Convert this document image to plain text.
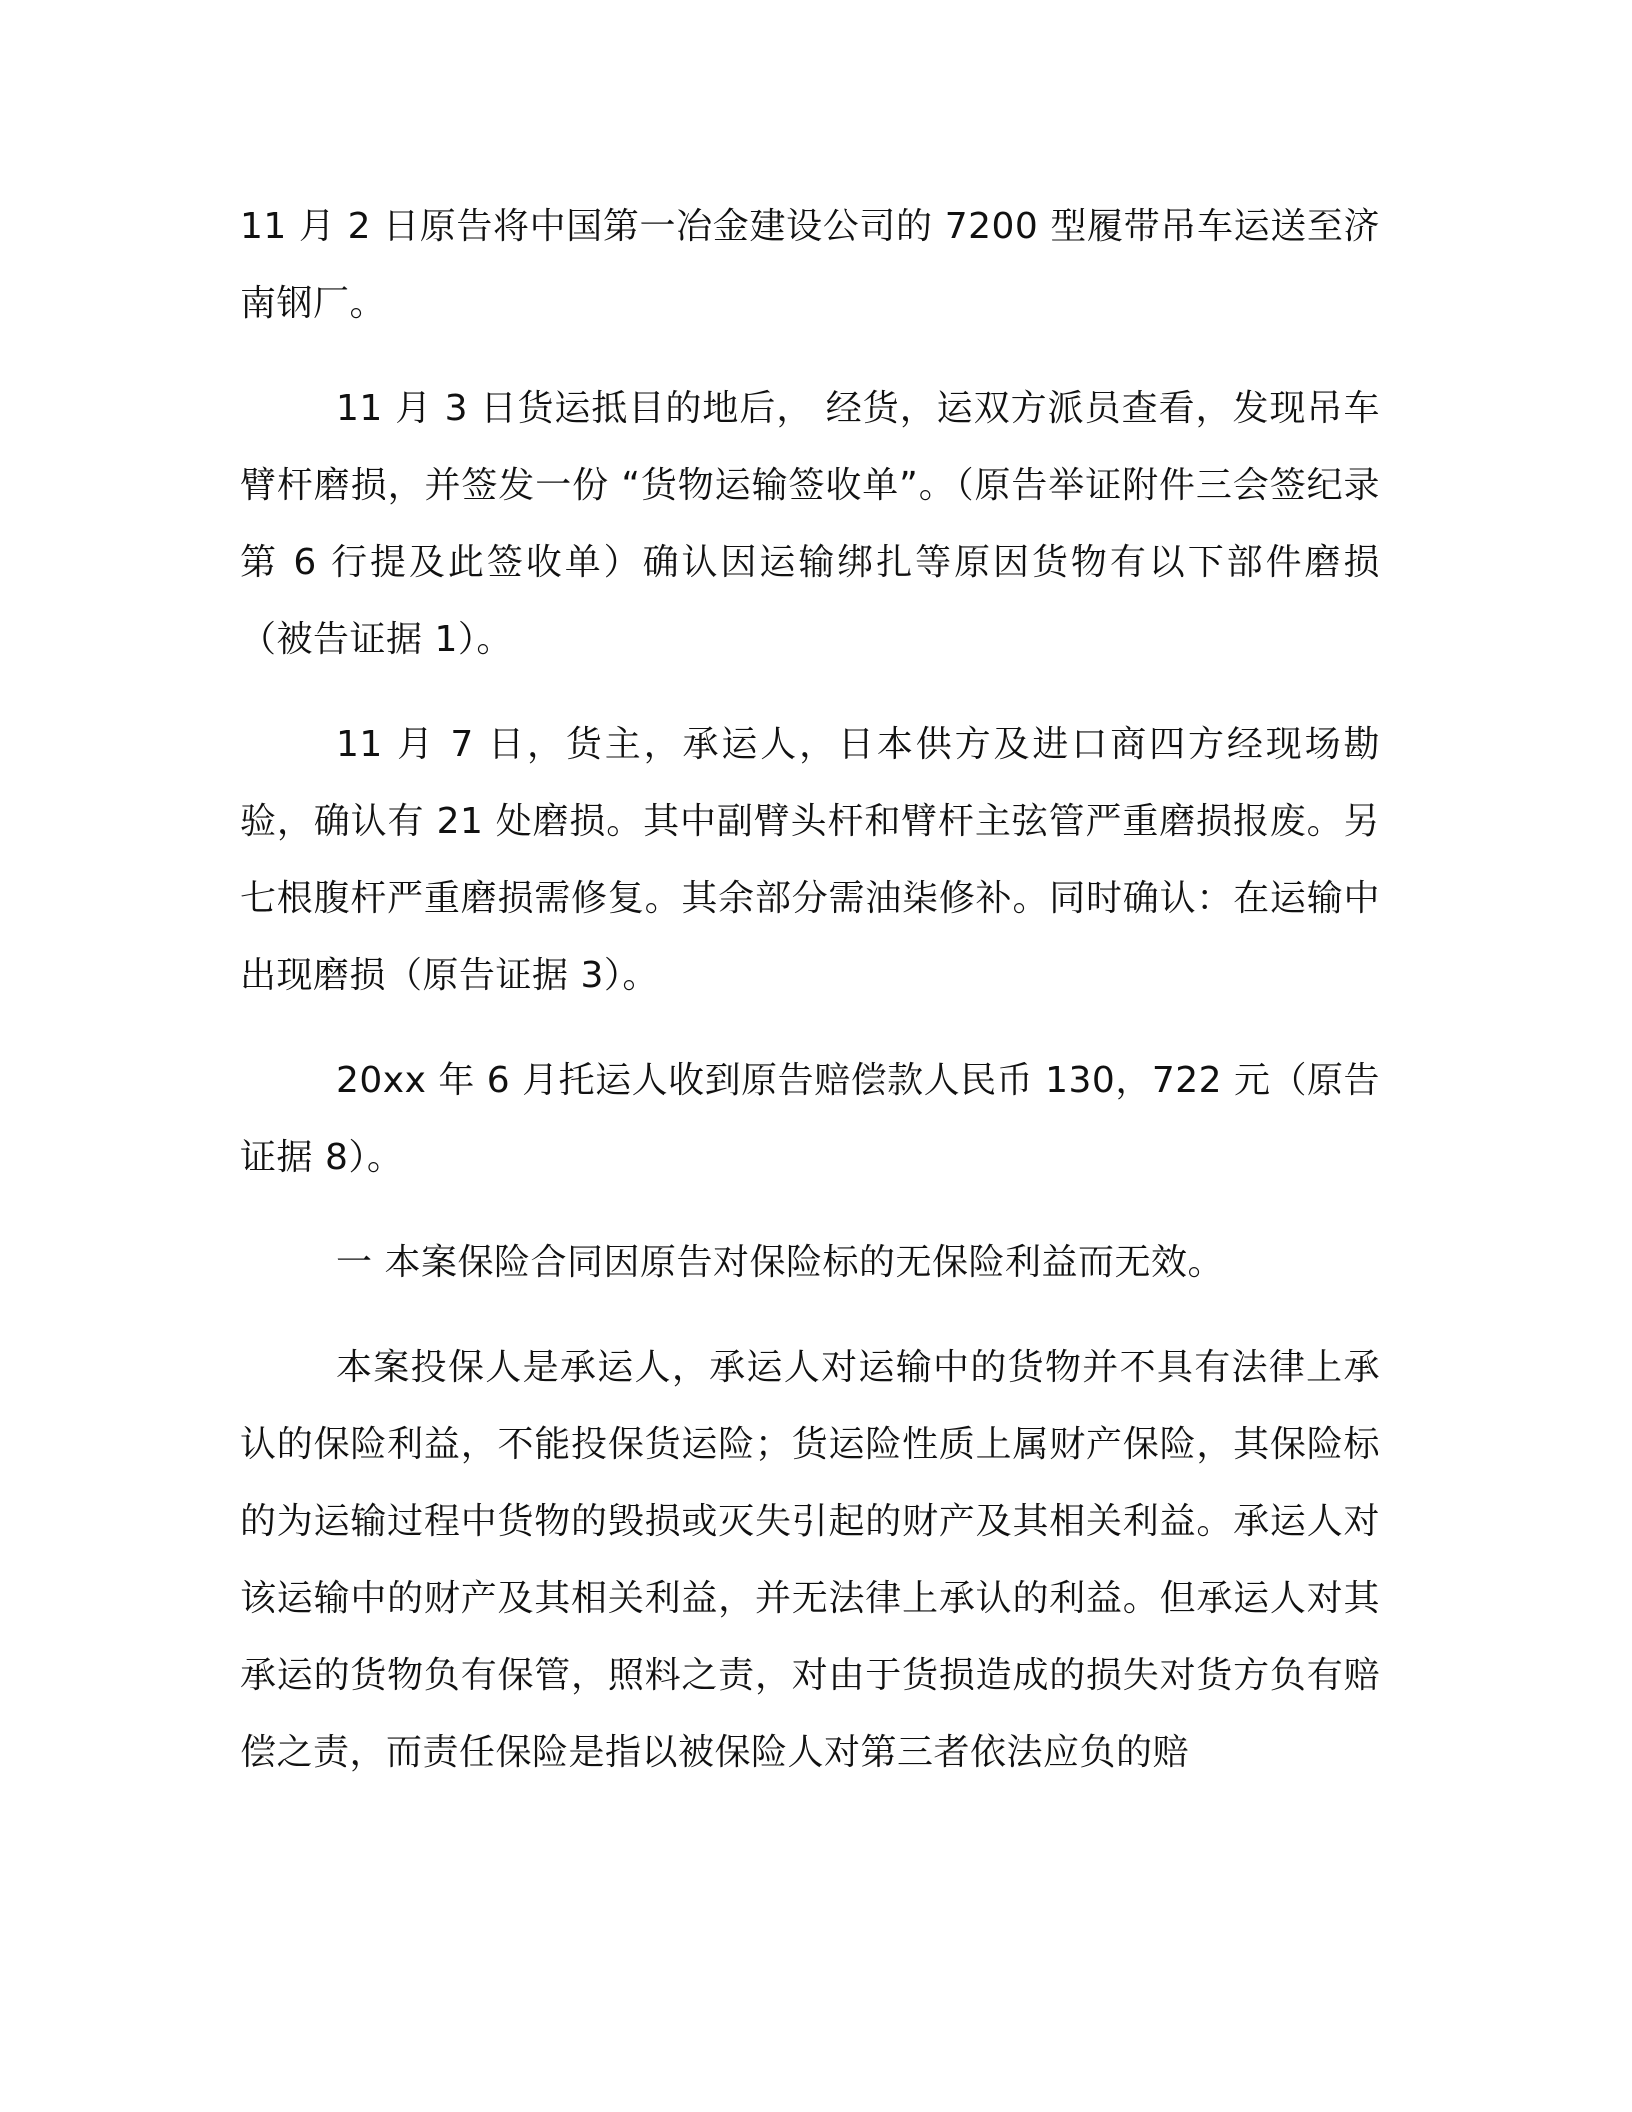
11 月 2 日原告将中国第一冶金建设公司的 7200 型履带吊车运送至济南钢厂。

11 月 3 日货运抵目的地后， 经货，运双方派员查看，发现吊车臂杆磨损，并签发一份 “货物运输签收单”。（原告举证附件三会签纪录第 6 行提及此签收单）确认因运输绑扎等原因货物有以下部件磨损（被告证据 1）。

11 月 7 日，货主，承运人，日本供方及进口商四方经现场勘验，确认有 21 处磨损。其中副臂头杆和臂杆主弦管严重磨损报废。另七根腹杆严重磨损需修复。其余部分需油柒修补。同时确认：在运输中出现磨损（原告证据 3）。

20xx 年 6 月托运人收到原告赔偿款人民币 130，722 元（原告证据 8）。

一 本案保险合同因原告对保险标的无保险利益而无效。

本案投保人是承运人，承运人对运输中的货物并不具有法律上承认的保险利益，不能投保货运险；货运险性质上属财产保险，其保险标的为运输过程中货物的毁损或灭失引起的财产及其相关利益。承运人对该运输中的财产及其相关利益，并无法律上承认的利益。但承运人对其承运的货物负有保管，照料之责，对由于货损造成的损失对货方负有赔偿之责，而责任保险是指以被保险人对第三者依法应负的赔
